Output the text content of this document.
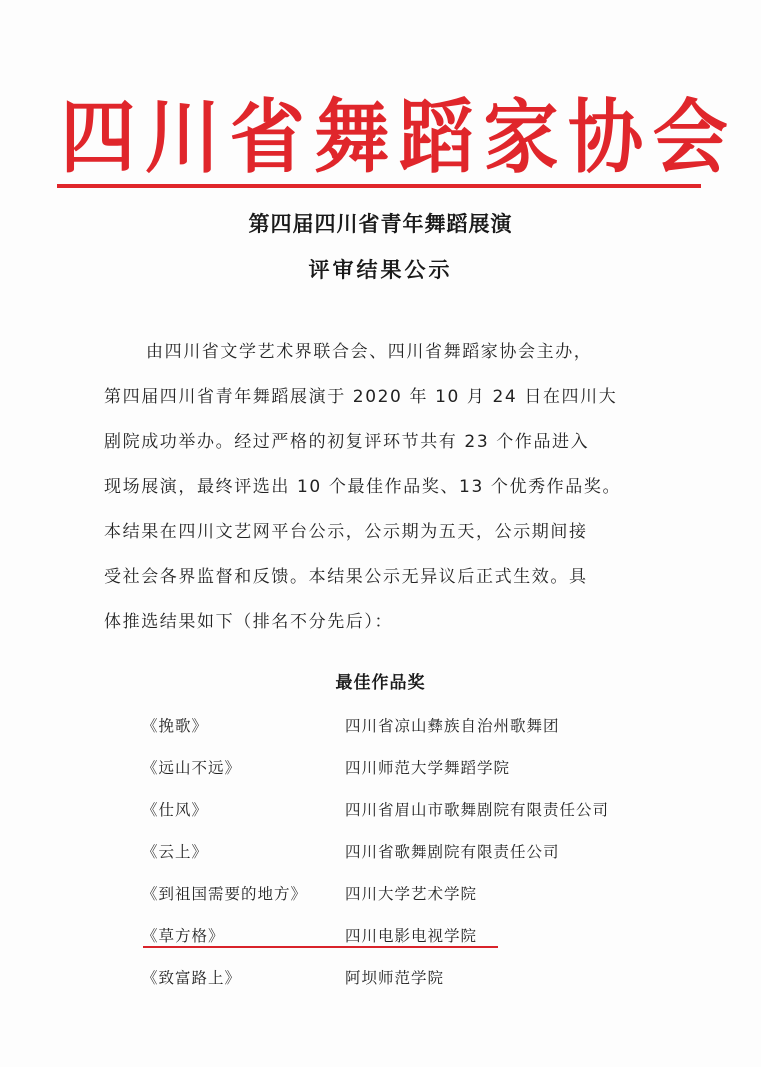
四川省舞蹈家协会
第四届四川省青年舞蹈展演
评审结果公示
由四川省文学艺术界联合会、四川省舞蹈家协会主办，
第四届四川省青年舞蹈展演于 2020 年 10 月 24 日在四川大
剧院成功举办。经过严格的初复评环节共有 23 个作品进入
现场展演，最终评选出 10 个最佳作品奖、13 个优秀作品奖。
本结果在四川文艺网平台公示，公示期为五天，公示期间接
受社会各界监督和反馈。本结果公示无异议后正式生效。具
体推选结果如下（排名不分先后）：
最佳作品奖
《挽歌》	四川省凉山彝族自治州歌舞团
《远山不远》	四川师范大学舞蹈学院
《仕风》	四川省眉山市歌舞剧院有限责任公司
《云上》	四川省歌舞剧院有限责任公司
《到祖国需要的地方》 四川大学艺术学院
《草方格》	四川电影电视学院
《致富路上》	阿坝师范学院
